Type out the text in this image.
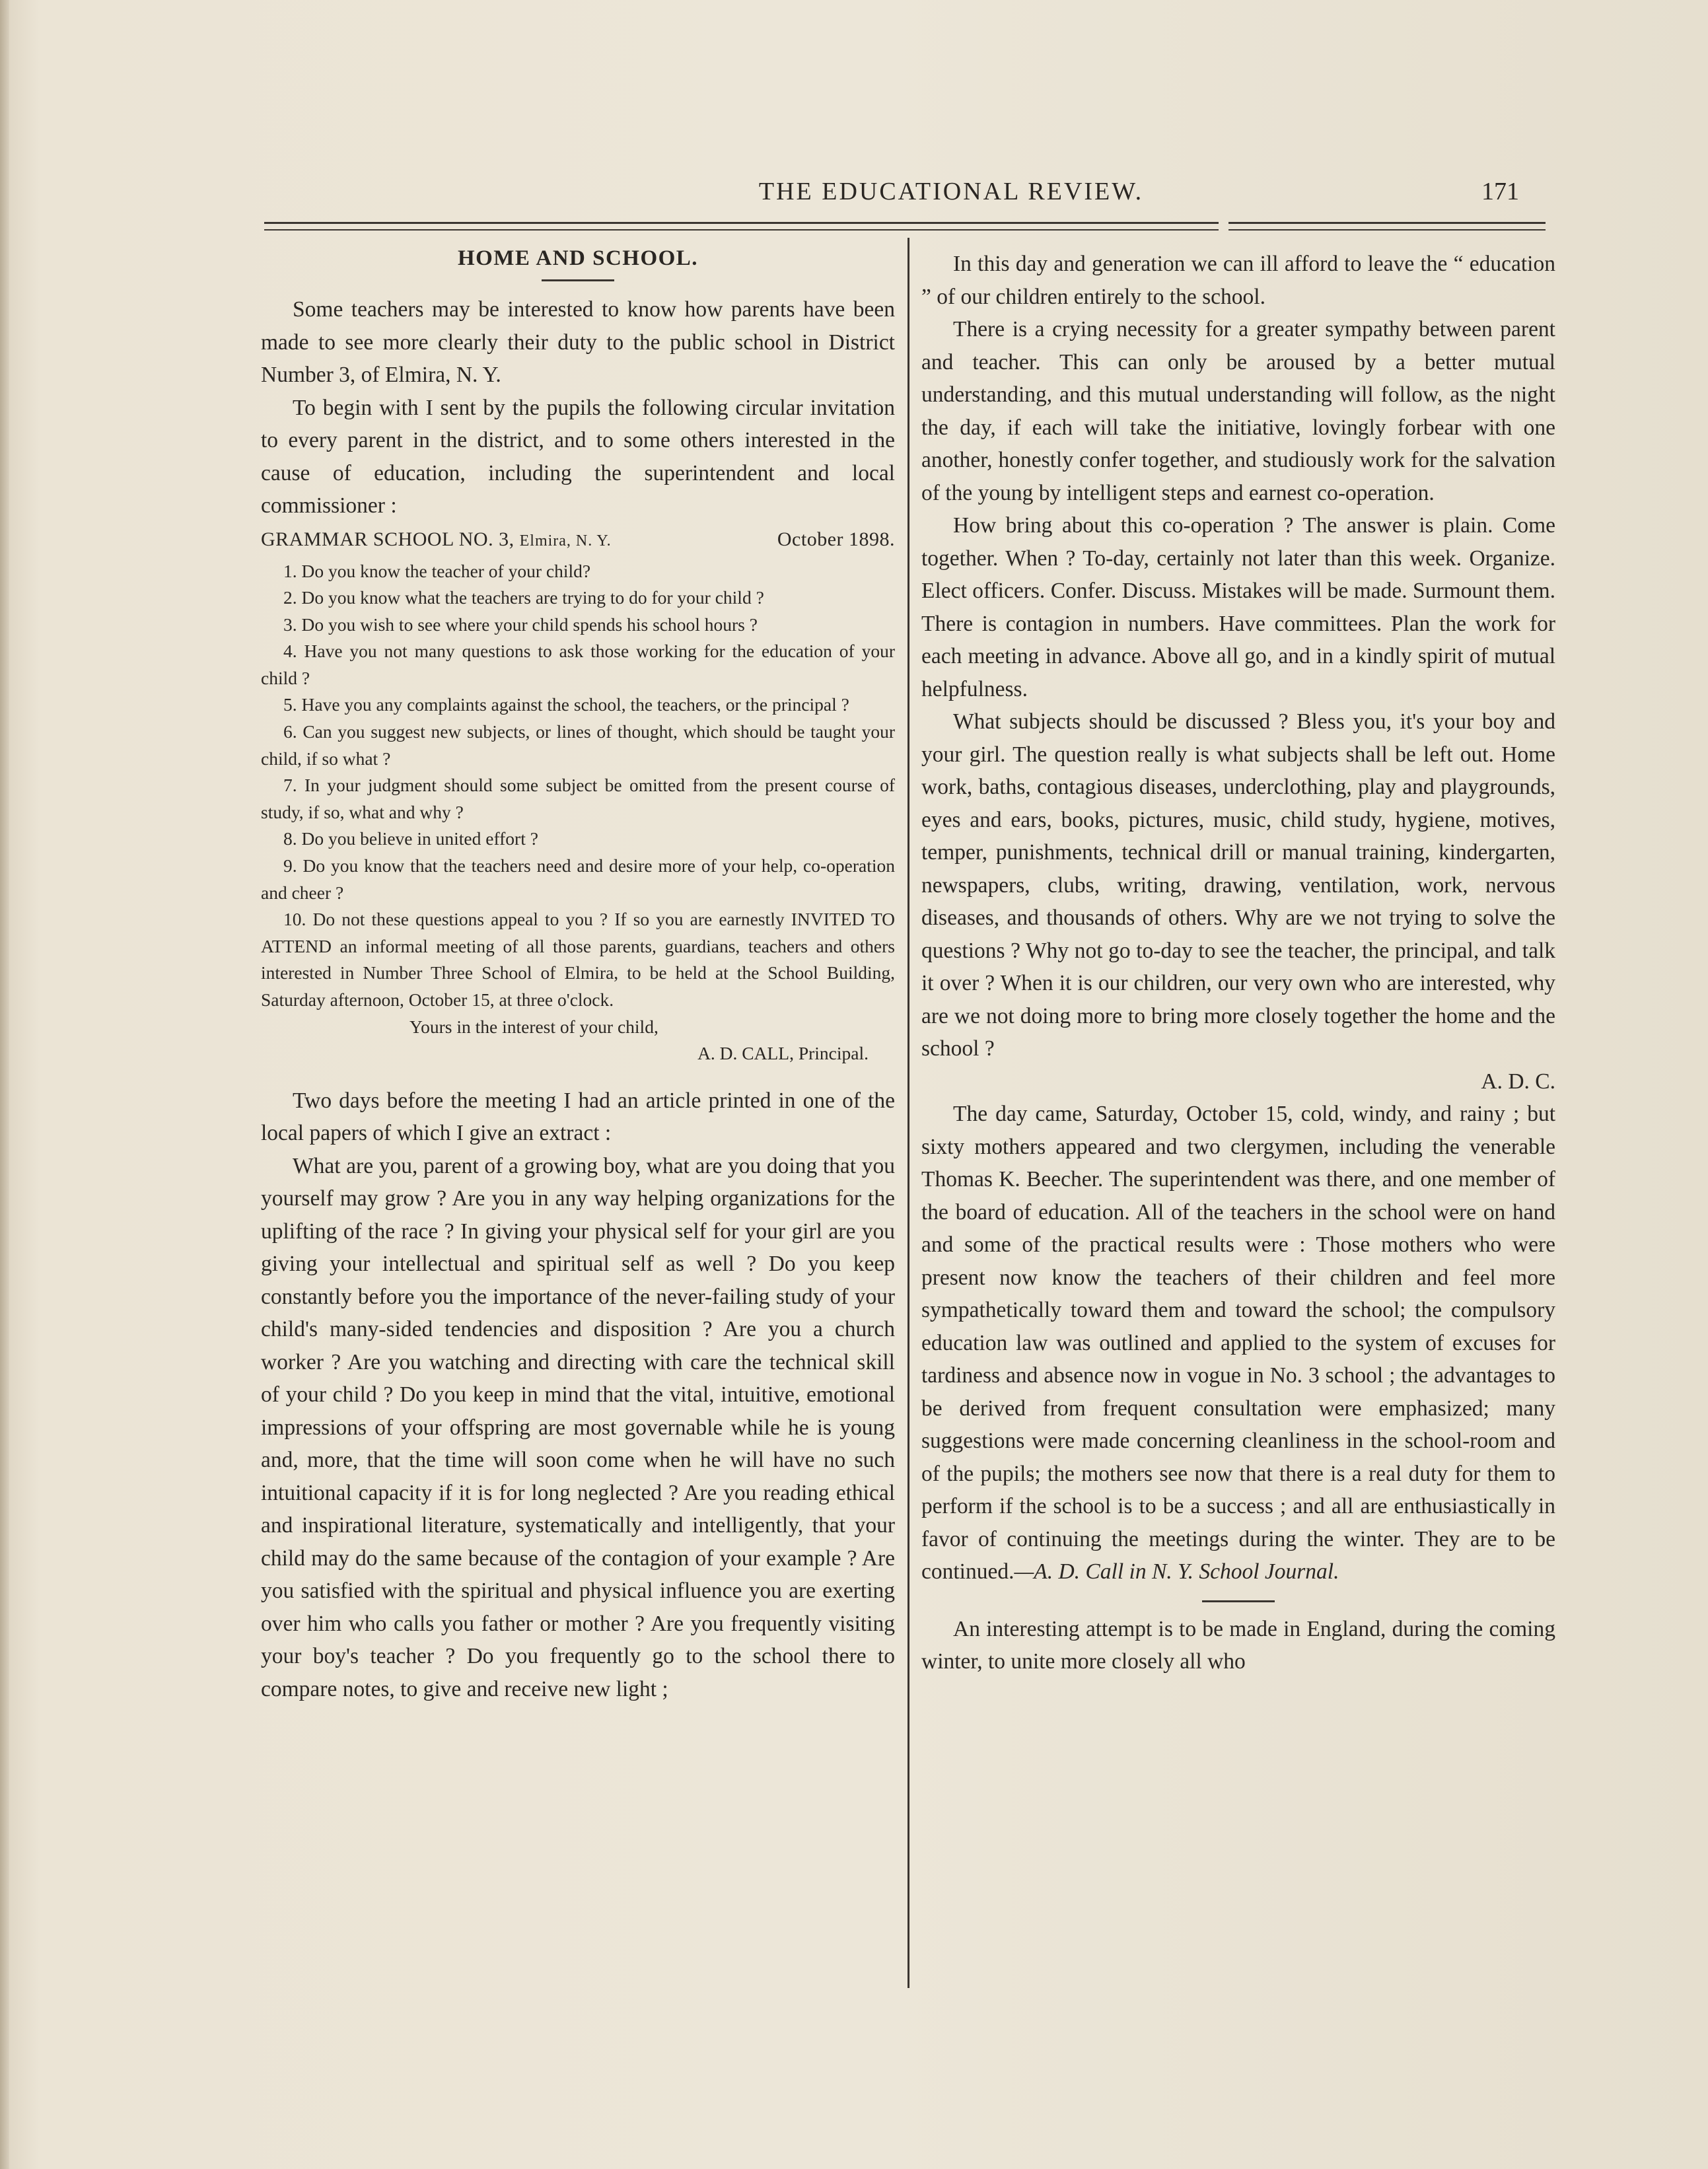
THE EDUCATIONAL REVIEW.	171
HOME AND SCHOOL.

Some teachers may be interested to know how parents have been made to see more clearly their duty to the public school in District Number 3, of Elmira, N. Y.

To begin with I sent by the pupils the following circular invitation to every parent in the district, and to some others interested in the cause of education, including the superintendent and local commissioner :

GRAMMAR SCHOOL NO. 3, Elmira, N. Y.	October 1898.

1. Do you know the teacher of your child?

2. Do you know what the teachers are trying to do for your child ?

3. Do you wish to see where your child spends his school hours ?

4. Have you not many questions to ask those working for the education of your child ?

5. Have you any complaints against the school, the teachers, or the principal ?

6. Can you suggest new subjects, or lines of thought, which should be taught your child, if so what ?

7. In your judgment should some subject be omitted from the present course of study, if so, what and why ?

8. Do you believe in united effort ?

9. Do you know that the teachers need and desire more of your help, co-operation and cheer ?

10. Do not these questions appeal to you ? If so you are earnestly INVITED TO ATTEND an informal meeting of all those parents, guardians, teachers and others interested in Number Three School of Elmira, to be held at the School Building, Saturday afternoon, October 15, at three o'clock.

Yours in the interest of your child,
A. D. CALL, Principal.

Two days before the meeting I had an article printed in one of the local papers of which I give an extract :

What are you, parent of a growing boy, what are you doing that you yourself may grow ? Are you in any way helping organizations for the uplifting of the race ? In giving your physical self for your girl are you giving your intellectual and spiritual self as well ? Do you keep constantly before you the importance of the never-failing study of your child's many-sided tendencies and disposition ? Are you a church worker ? Are you watching and directing with care the technical skill of your child ? Do you keep in mind that the vital, intuitive, emotional impressions of your offspring are most governable while he is young and, more, that the time will soon come when he will have no such intuitional capacity if it is for long neglected ? Are you reading ethical and inspirational literature, systematically and intelligently, that your child may do the same because of the contagion of your example ? Are you satisfied with the spiritual and physical influence you are exerting over him who calls you father or mother ? Are you frequently visiting your boy's teacher ? Do you frequently go to the school there to compare notes, to give and receive new light ;

In this day and generation we can ill afford to leave the “ education ” of our children entirely to the school.

There is a crying necessity for a greater sympathy between parent and teacher. This can only be aroused by a better mutual understanding, and this mutual understanding will follow, as the night the day, if each will take the initiative, lovingly forbear with one another, honestly confer together, and studiously work for the salvation of the young by intelligent steps and earnest co-operation.

How bring about this co-operation ? The answer is plain. Come together. When ? To-day, certainly not later than this week. Organize. Elect officers. Confer. Discuss. Mistakes will be made. Surmount them. There is contagion in numbers. Have committees. Plan the work for each meeting in advance. Above all go, and in a kindly spirit of mutual helpfulness.

What subjects should be discussed ? Bless you, it's your boy and your girl. The question really is what subjects shall be left out. Home work, baths, contagious diseases, underclothing, play and playgrounds, eyes and ears, books, pictures, music, child study, hygiene, motives, temper, punishments, technical drill or manual training, kindergarten, newspapers, clubs, writing, drawing, ventilation, work, nervous diseases, and thousands of others. Why are we not trying to solve the questions ? Why not go to-day to see the teacher, the principal, and talk it over ? When it is our children, our very own who are interested, why are we not doing more to bring more closely together the home and the school ?

A. D. C.

The day came, Saturday, October 15, cold, windy, and rainy ; but sixty mothers appeared and two clergymen, including the venerable Thomas K. Beecher. The superintendent was there, and one member of the board of education. All of the teachers in the school were on hand and some of the practical results were : Those mothers who were present now know the teachers of their children and feel more sympathetically toward them and toward the school; the compulsory education law was outlined and applied to the system of excuses for tardiness and absence now in vogue in No. 3 school ; the advantages to be derived from frequent consultation were emphasized; many suggestions were made concerning cleanliness in the school-room and of the pupils; the mothers see now that there is a real duty for them to perform if the school is to be a success ; and all are enthusiastically in favor of continuing the meetings during the winter. They are to be continued.—A. D. Call in N. Y. School Journal.

An interesting attempt is to be made in England, during the coming winter, to unite more closely all who
